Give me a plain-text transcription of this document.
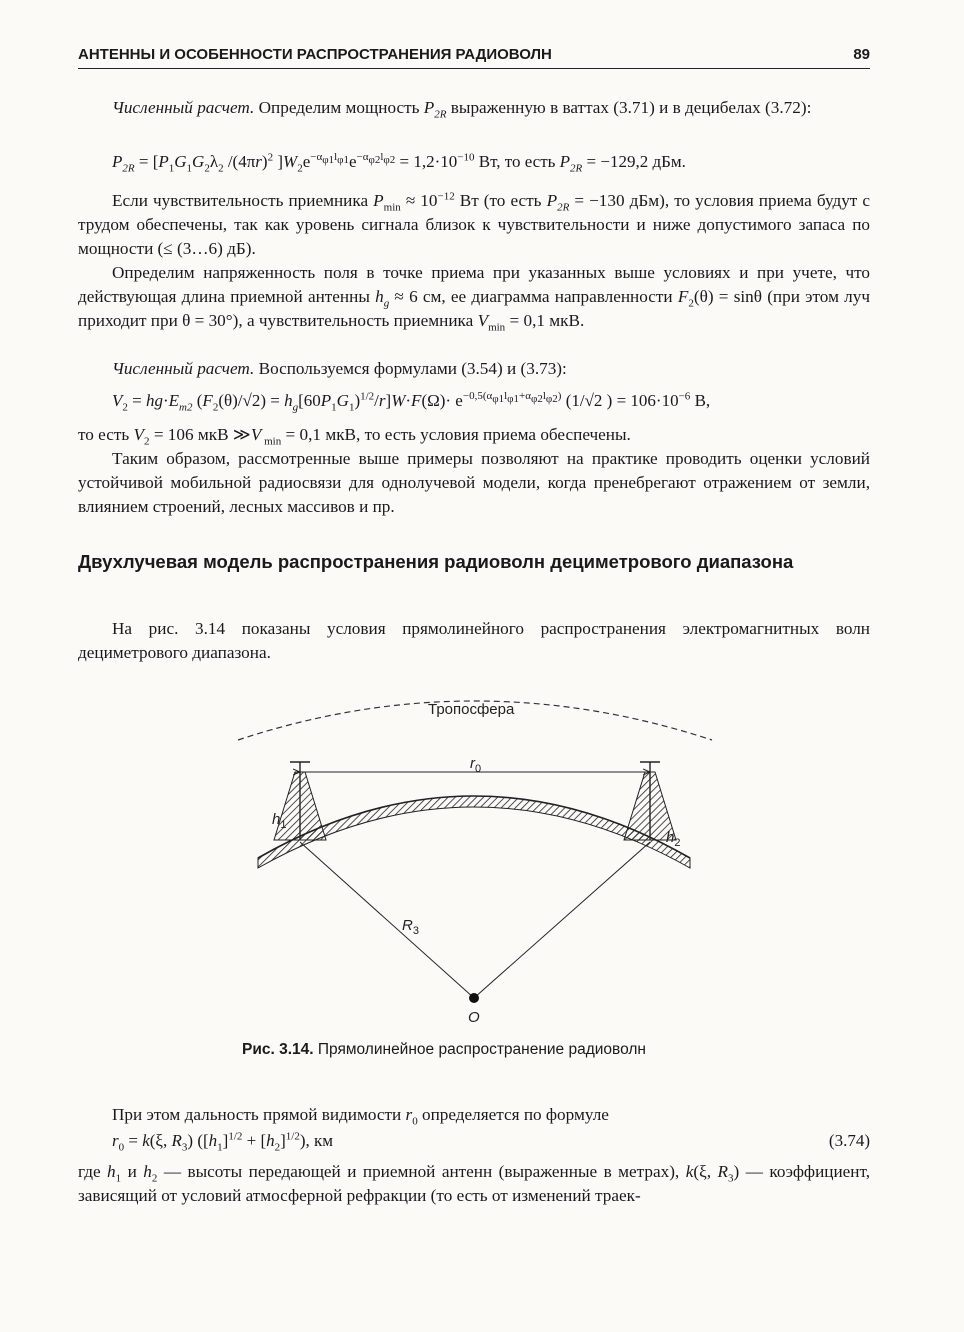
АНТЕННЫ И ОСОБЕННОСТИ РАСПРОСТРАНЕНИЯ РАДИОВОЛН	89

Численный расчет. Определим мощность $P_{2R}$ выраженную в ваттах (3.71) и в децибелах (3.72):

$P_{2R} = [P_1G_1G_2\lambda_2$ $/(4\pi r)^2$ ]$W_2e^{-\alpha_{\varphi 1}l_{\varphi 1}}e^{-\alpha_{\varphi 2}l_{\varphi 2}} = 1,2\cdot 10^{-10}$ Вт, то есть $P_{2R} = -129,2$ дБм.

Если чувствительность приемника $P_{min} \approx 10^{-12}$ Вт (то есть $P_{2R} = -130$ дБм), то условия приема будут с трудом обеспечены, так как уровень сигнала близок к чувствительности и ниже допустимого запаса по мощности (≤ (3…6) дБ).

Определим напряженность поля в точке приема при указанных выше условиях и при учете, что действующая длина приемной антенны $h_g \approx 6$ см, ее диаграмма направленности $F_2(\theta) = \sin\theta$ (при этом луч приходит при θ = 30°), а чувствительность приемника $V_{min} = 0,1$ мкВ.

Численный расчет. Воспользуемся формулами (3.54) и (3.73):

$V_2 = hg\cdot E_{m2}$ $(F_2(\theta)/√2) = h_g[60P_1G_1)^{1/2}/r]W\cdot F(\Omega)\cdot e^{-0,5(\alpha_{\varphi 1}l_{\varphi 1}+\alpha_{\varphi 2}l_{\varphi 2})}$ (1/√2 ) = $106\cdot 10^{-6}$ В,

то есть $V_2 = 106$ мкВ ≫V $_{min}$ = 0,1 мкВ, то есть условия приема обеспечены.

Таким образом, рассмотренные выше примеры позволяют на практике проводить оценки условий устойчивой мобильной радиосвязи для однолучевой модели, когда пренебрегают отражением от земли, влиянием строений, лесных массивов и пр.

Двухлучевая модель распространения радиоволн дециметрового диапазона

На рис. 3.14 показаны условия прямолинейного распространения электромагнитных волн дециметрового диапазона.

Тропосфера
$r_0$
$h_1$
$h_2$
$R_3$
O
Рис. 3.14. Прямолинейное распространение радиоволн

При этом дальность прямой видимости $r_0$ определяется по формуле

$r_0 = k(\xi$, $R_3$) $([h_1]^{1/2} + [h_2]^{1/2})$, км	(3.74)

где $h_1$ и $h_2$ — высоты передающей и приемной антенн (выраженные в метрах), k(ξ, $R_3$) — коэффициент, зависящий от условий атмосферной рефракции (то есть от изменений траек-
